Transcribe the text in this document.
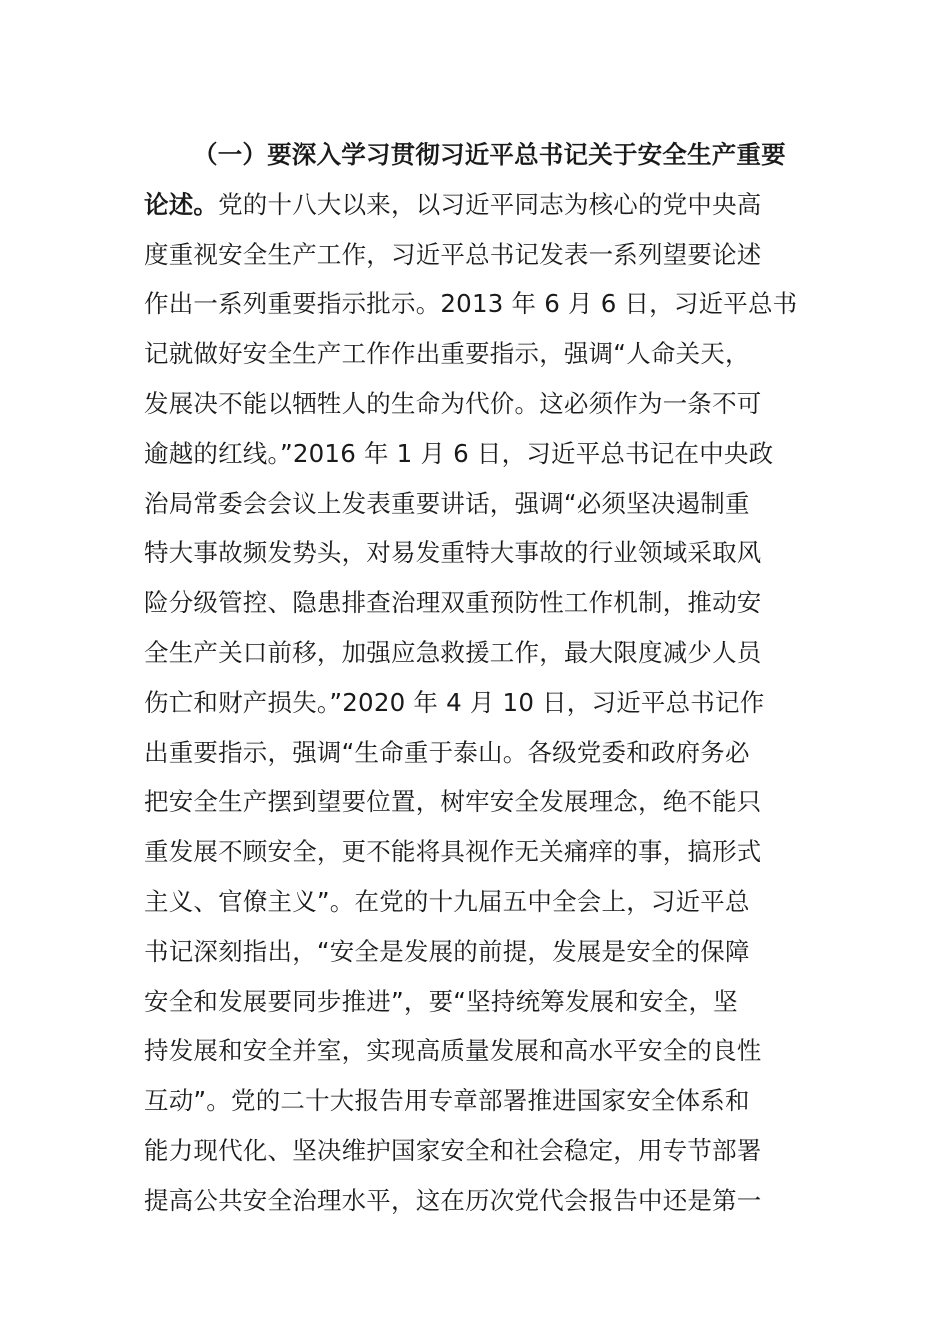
（一）要深入学习贯彻习近平总书记关于安全生产重要
论述。党的十八大以来，以习近平同志为核心的党中央高
度重视安全生产工作，习近平总书记发表一系列望要论述
作出一系列重要指示批示。2013 年 6 月 6 日，习近平总书
记就做好安全生产工作作出重要指示，强调“人命关天，
发展决不能以牺牲人的生命为代价。这必须作为一条不可
逾越的红线。”2016 年 1 月 6 日，习近平总书记在中央政
治局常委会会议上发表重要讲话，强调“必须坚决遏制重
特大事故频发势头，对易发重特大事故的行业领域采取风
险分级管控、隐患排查治理双重预防性工作机制，推动安
全生产关口前移，加强应急救援工作，最大限度减少人员
伤亡和财产损失。”2020 年 4 月 10 日，习近平总书记作
出重要指示，强调“生命重于泰山。各级党委和政府务必
把安全生产摆到望要位置，树牢安全发展理念，绝不能只
重发展不顾安全，更不能将具视作无关痛痒的事，搞形式
主义、官僚主义”。在党的十九届五中全会上，习近平总
书记深刻指出，“安全是发展的前提，发展是安全的保障
安全和发展要同步推进”，要“坚持统筹发展和安全，坚
持发展和安全并室，实现高质量发展和高水平安全的良性
互动”。党的二十大报告用专章部署推进国家安全体系和
能力现代化、坚决维护国家安全和社会稳定，用专节部署
提高公共安全治理水平，这在历次党代会报告中还是第一
